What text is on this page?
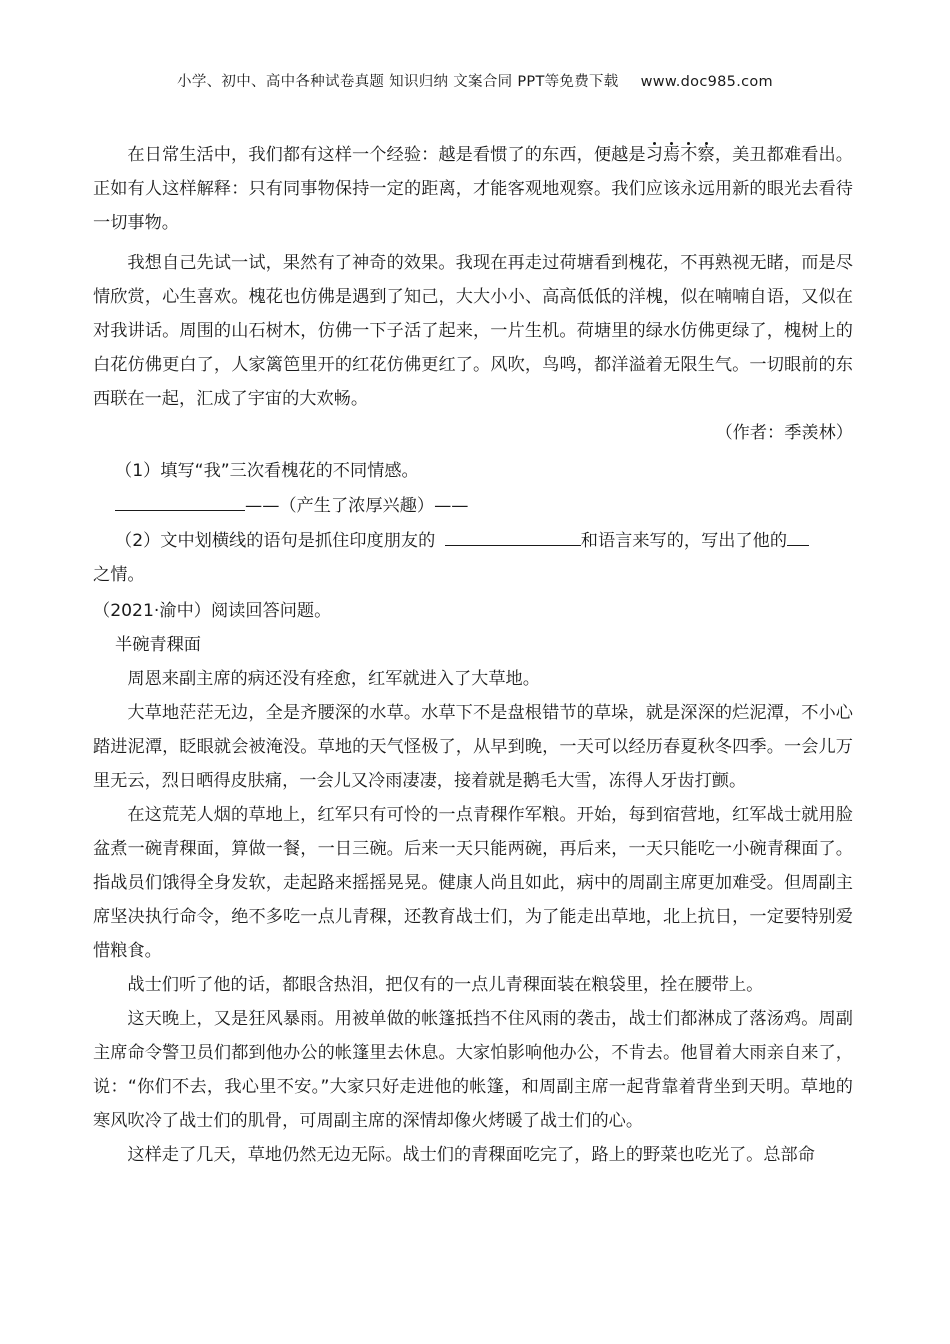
小学、初中、高中各种试卷真题 知识归纳 文案合同 PPT等免费下载 www.doc985.com

在日常生活中，我们都有这样一个经验：越是看惯了的东西，便越是习焉不察，美丑都难看出。正如有人这样解释：只有同事物保持一定的距离，才能客观地观察。我们应该永远用新的眼光去看待一切事物。

我想自己先试一试，果然有了神奇的效果。我现在再走过荷塘看到槐花，不再熟视无睹，而是尽情欣赏，心生喜欢。槐花也仿佛是遇到了知己，大大小小、高高低低的洋槐，似在喃喃自语，又似在对我讲话。周围的山石树木，仿佛一下子活了起来，一片生机。荷塘里的绿水仿佛更绿了，槐树上的白花仿佛更白了，人家篱笆里开的红花仿佛更红了。风吹，鸟鸣，都洋溢着无限生气。一切眼前的东西联在一起，汇成了宇宙的大欢畅。

（作者：季羡林）

（1）填写“我”三次看槐花的不同情感。

——（产生了浓厚兴趣）——

（2）文中划横线的语句是抓住印度朋友的	和语言来写的，写出了他的

之情。

（2021·渝中）阅读回答问题。

半碗青稞面

周恩来副主席的病还没有痊愈，红军就进入了大草地。

大草地茫茫无边，全是齐腰深的水草。水草下不是盘根错节的草垛，就是深深的烂泥潭，不小心踏进泥潭，眨眼就会被淹没。草地的天气怪极了，从早到晚，一天可以经历春夏秋冬四季。一会儿万里无云，烈日晒得皮肤痛，一会儿又冷雨凄凄，接着就是鹅毛大雪，冻得人牙齿打颤。

在这荒芜人烟的草地上，红军只有可怜的一点青稞作军粮。开始，每到宿营地，红军战士就用脸盆煮一碗青稞面，算做一餐，一日三碗。后来一天只能两碗，再后来，一天只能吃一小碗青稞面了。指战员们饿得全身发软，走起路来摇摇晃晃。健康人尚且如此，病中的周副主席更加难受。但周副主席坚决执行命令，绝不多吃一点儿青稞，还教育战士们，为了能走出草地，北上抗日，一定要特别爱惜粮食。

战士们听了他的话，都眼含热泪，把仅有的一点儿青稞面装在粮袋里，拴在腰带上。

这天晚上，又是狂风暴雨。用被单做的帐篷抵挡不住风雨的袭击，战士们都淋成了落汤鸡。周副主席命令警卫员们都到他办公的帐篷里去休息。大家怕影响他办公，不肯去。他冒着大雨亲自来了，说：“你们不去，我心里不安。”大家只好走进他的帐篷，和周副主席一起背靠着背坐到天明。草地的寒风吹冷了战士们的肌骨，可周副主席的深情却像火烤暖了战士们的心。

这样走了几天，草地仍然无边无际。战士们的青稞面吃完了，路上的野菜也吃光了。总部命
